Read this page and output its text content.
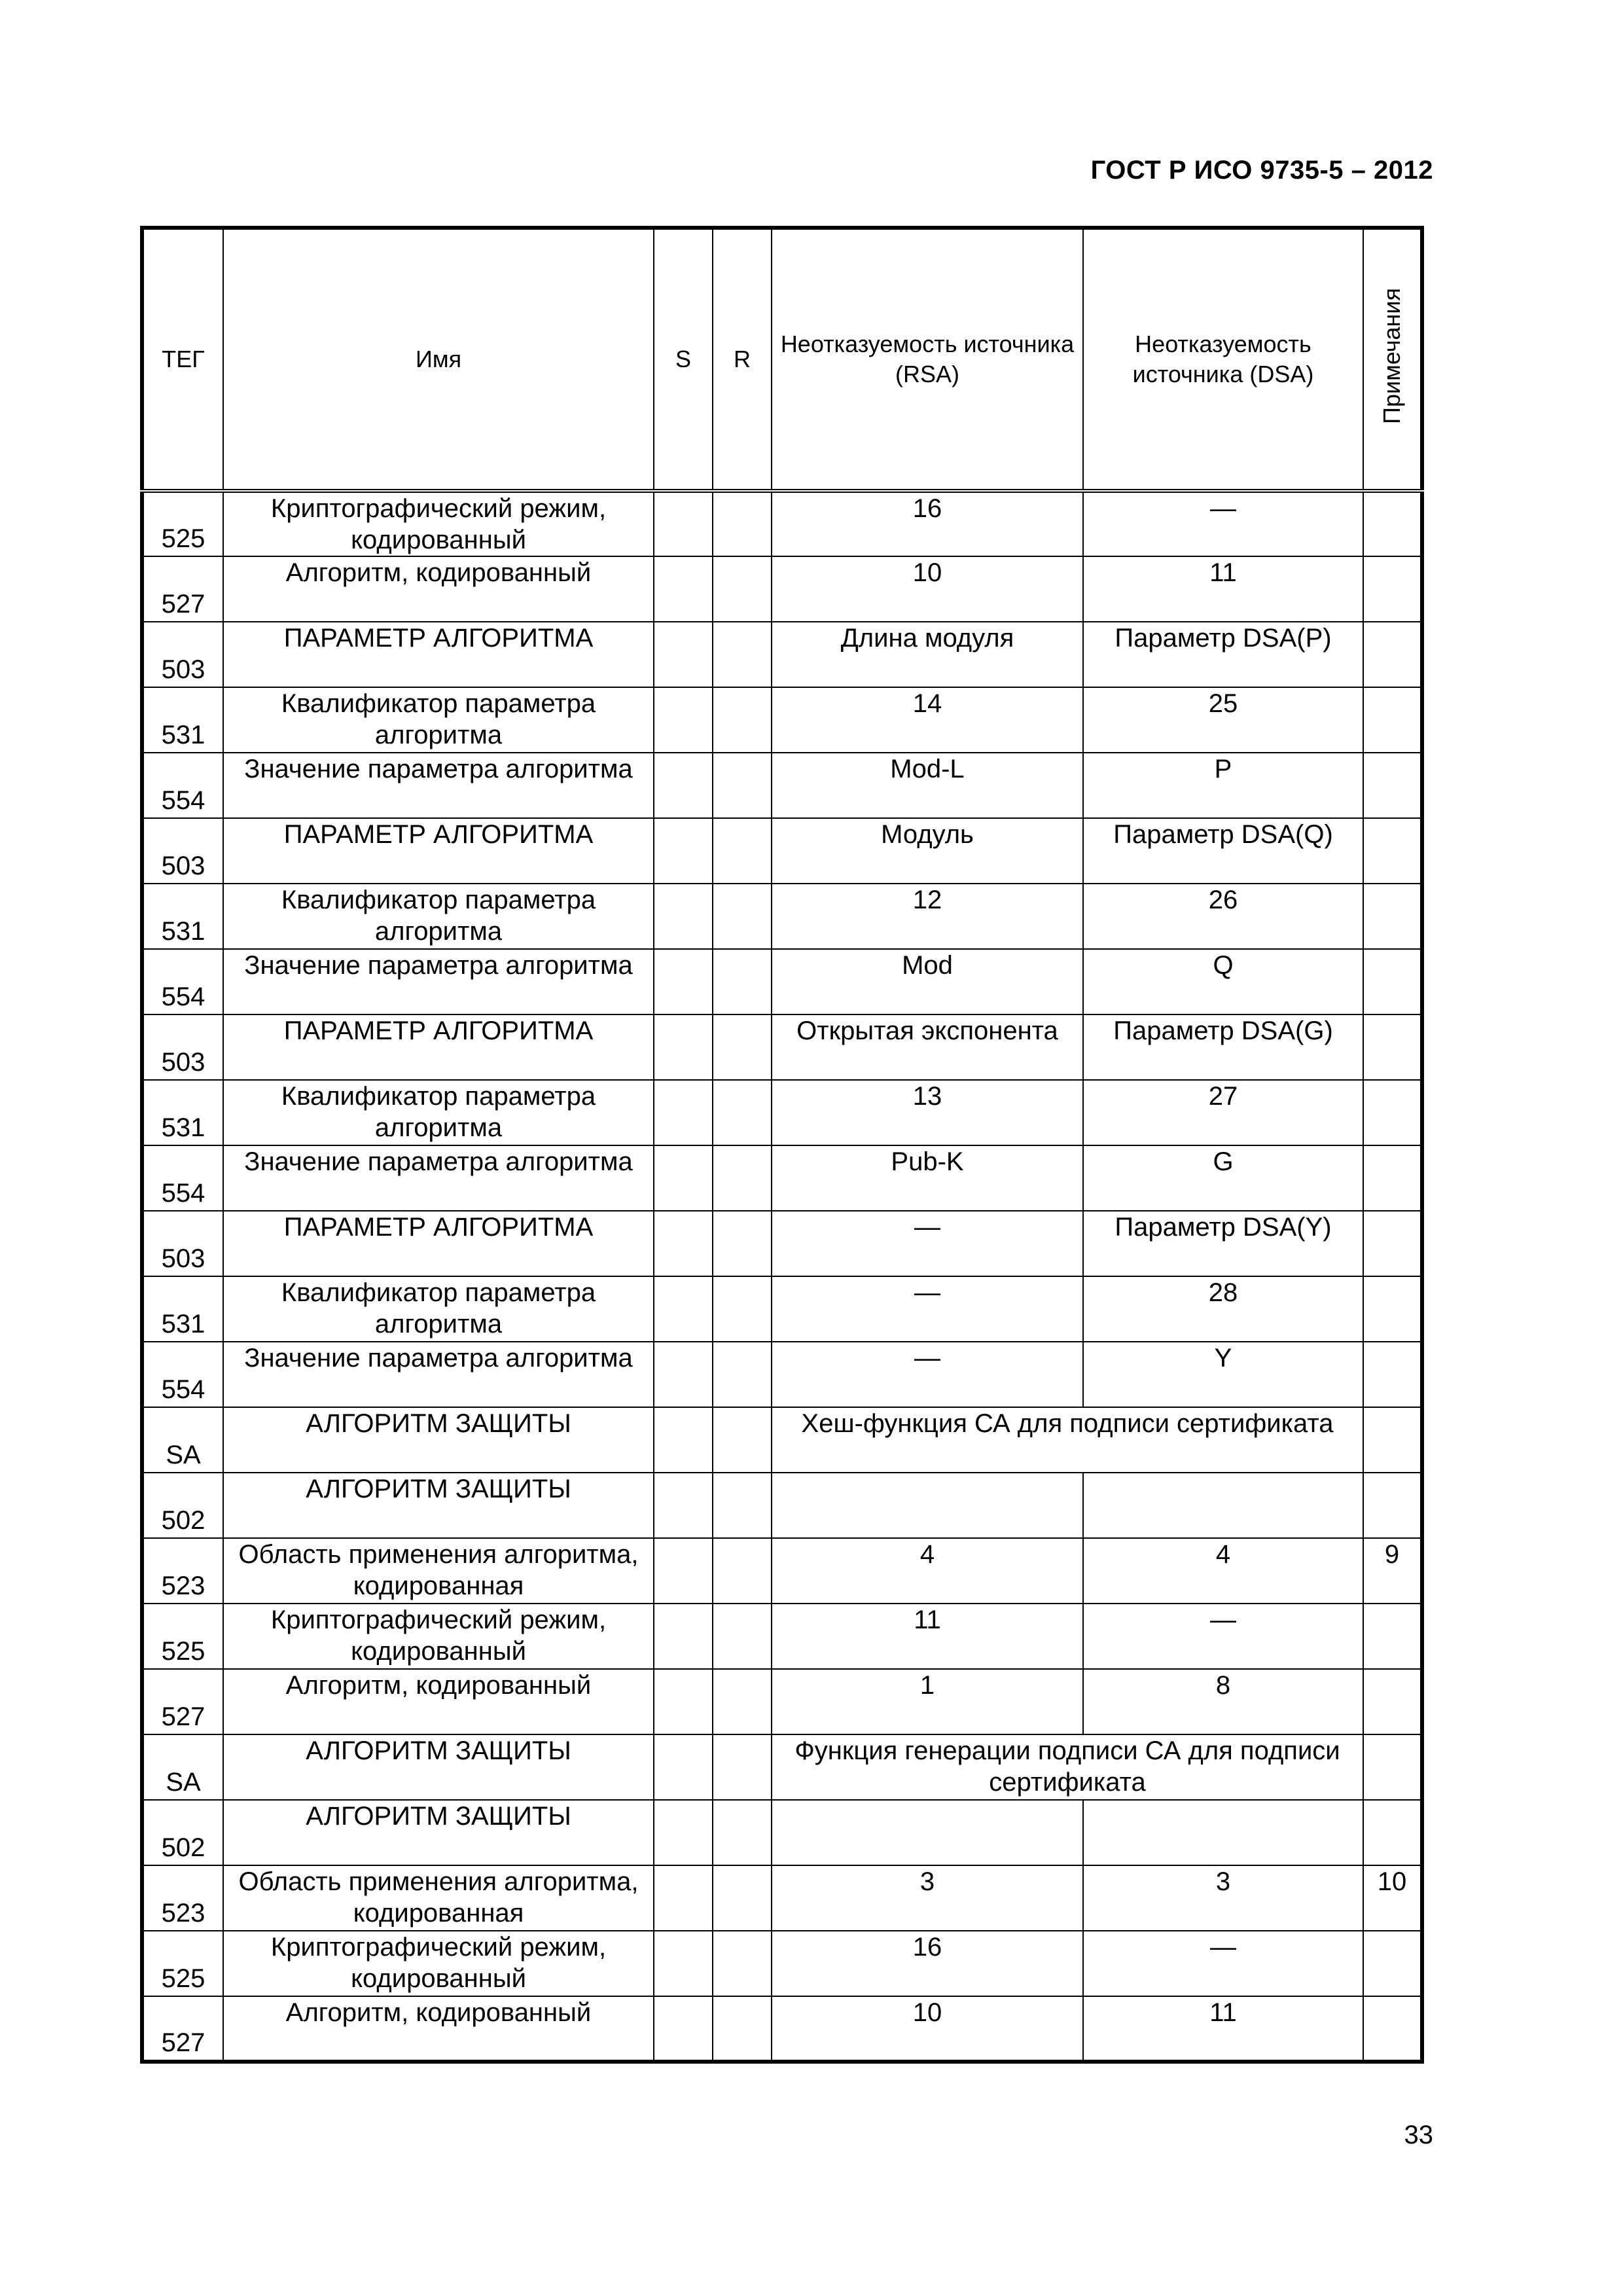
ГОСТ Р ИСО 9735-5 – 2012
ТЕГ	Имя	S	R	Неотказуемость источника (RSA)	Неотказуемость источника (DSA)	Примечания

525	Криптографический режим, кодированный			16	—	

527	Алгоритм, кодированный			10	11	

503	ПАРАМЕТР АЛГОРИТМА			Длина модуля	Параметр DSA(P)	

531	Квалификатор параметра алгоритма			14	25	

554	Значение параметра алгоритма			Mod-L	P	

503	ПАРАМЕТР АЛГОРИТМА			Модуль	Параметр DSA(Q)	

531	Квалификатор параметра алгоритма			12	26	

554	Значение параметра алгоритма			Mod	Q	

503	ПАРАМЕТР АЛГОРИТМА			Открытая экспонента	Параметр DSA(G)	

531	Квалификатор параметра алгоритма			13	27	

554	Значение параметра алгоритма			Pub-K	G	

503	ПАРАМЕТР АЛГОРИТМА			—	Параметр DSA(Y)	

531	Квалификатор параметра алгоритма			—	28	

554	Значение параметра алгоритма			—	Y	

SA	АЛГОРИТМ ЗАЩИТЫ			Хеш-функция СА для подписи сертификата		

502	АЛГОРИТМ ЗАЩИТЫ					

523	Область применения алгоритма, кодированная			4	4	9

525	Криптографический режим, кодированный			11	—	

527	Алгоритм, кодированный			1	8	

SA	АЛГОРИТМ ЗАЩИТЫ			Функция генерации подписи СА для подписи сертификата		

502	АЛГОРИТМ ЗАЩИТЫ					

523	Область применения алгоритма, кодированная			3	3	10

525	Криптографический режим, кодированный			16	—	

527	Алгоритм, кодированный			10	11	

33
